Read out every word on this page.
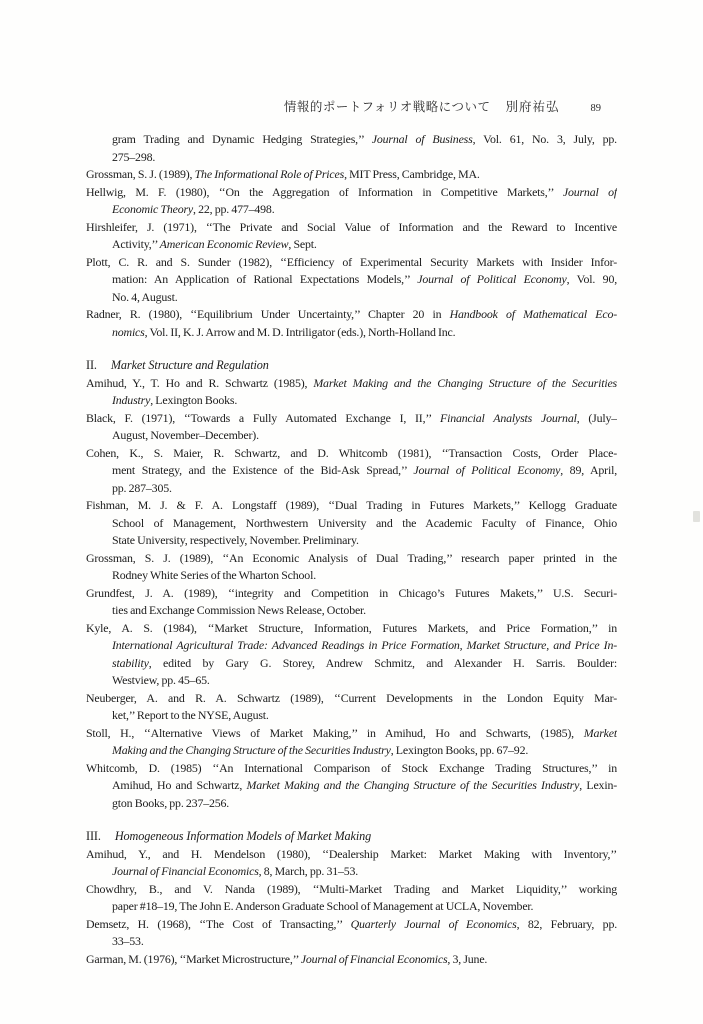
情報的ポートフォリオ戦略について 別府祐弘	89
gram Trading and Dynamic Hedging Strategies,’’ Journal of Business, Vol. 61, No. 3, July, pp.
275–298.
Grossman, S. J. (1989), The Informational Role of Prices, MIT Press, Cambridge, MA.
Hellwig, M. F. (1980), ‘‘On the Aggregation of Information in Competitive Markets,’’ Journal of
Economic Theory, 22, pp. 477–498.
Hirshleifer, J. (1971), ‘‘The Private and Social Value of Information and the Reward to Incentive
Activity,’’ American Economic Review, Sept.
Plott, C. R. and S. Sunder (1982), ‘‘Efficiency of Experimental Security Markets with Insider Infor-
mation: An Application of Rational Expectations Models,’’ Journal of Political Economy, Vol. 90,
No. 4, August.
Radner, R. (1980), ‘‘Equilibrium Under Uncertainty,’’ Chapter 20 in Handbook of Mathematical Eco-
nomics, Vol. II, K. J. Arrow and M. D. Intriligator (eds.), North-Holland Inc.
II. Market Structure and Regulation
Amihud, Y., T. Ho and R. Schwartz (1985), Market Making and the Changing Structure of the Securities
Industry, Lexington Books.
Black, F. (1971), ‘‘Towards a Fully Automated Exchange I, II,’’ Financial Analysts Journal, (July–
August, November–December).
Cohen, K., S. Maier, R. Schwartz, and D. Whitcomb (1981), ‘‘Transaction Costs, Order Place-
ment Strategy, and the Existence of the Bid-Ask Spread,’’ Journal of Political Economy, 89, April,
pp. 287–305.
Fishman, M. J. & F. A. Longstaff (1989), ‘‘Dual Trading in Futures Markets,’’ Kellogg Graduate
School of Management, Northwestern University and the Academic Faculty of Finance, Ohio
State University, respectively, November. Preliminary.
Grossman, S. J. (1989), ‘‘An Economic Analysis of Dual Trading,’’ research paper printed in the
Rodney White Series of the Wharton School.
Grundfest, J. A. (1989), ‘‘integrity and Competition in Chicago’s Futures Makets,’’ U.S. Securi-
ties and Exchange Commission News Release, October.
Kyle, A. S. (1984), ‘‘Market Structure, Information, Futures Markets, and Price Formation,’’ in
International Agricultural Trade: Advanced Readings in Price Formation, Market Structure, and Price In-
stability, edited by Gary G. Storey, Andrew Schmitz, and Alexander H. Sarris. Boulder:
Westview, pp. 45–65.
Neuberger, A. and R. A. Schwartz (1989), ‘‘Current Developments in the London Equity Mar-
ket,’’ Report to the NYSE, August.
Stoll, H., ‘‘Alternative Views of Market Making,’’ in Amihud, Ho and Schwarts, (1985), Market
Making and the Changing Structure of the Securities Industry, Lexington Books, pp. 67–92.
Whitcomb, D. (1985) ‘‘An International Comparison of Stock Exchange Trading Structures,’’ in
Amihud, Ho and Schwartz, Market Making and the Changing Structure of the Securities Industry, Lexin-
gton Books, pp. 237–256.
III. Homogeneous Information Models of Market Making
Amihud, Y., and H. Mendelson (1980), ‘‘Dealership Market: Market Making with Inventory,’’
Journal of Financial Economics, 8, March, pp. 31–53.
Chowdhry, B., and V. Nanda (1989), ‘‘Multi-Market Trading and Market Liquidity,’’ working
paper #18–19, The John E. Anderson Graduate School of Management at UCLA, November.
Demsetz, H. (1968), ‘‘The Cost of Transacting,’’ Quarterly Journal of Economics, 82, February, pp.
33–53.
Garman, M. (1976), ‘‘Market Microstructure,’’ Journal of Financial Economics, 3, June.
